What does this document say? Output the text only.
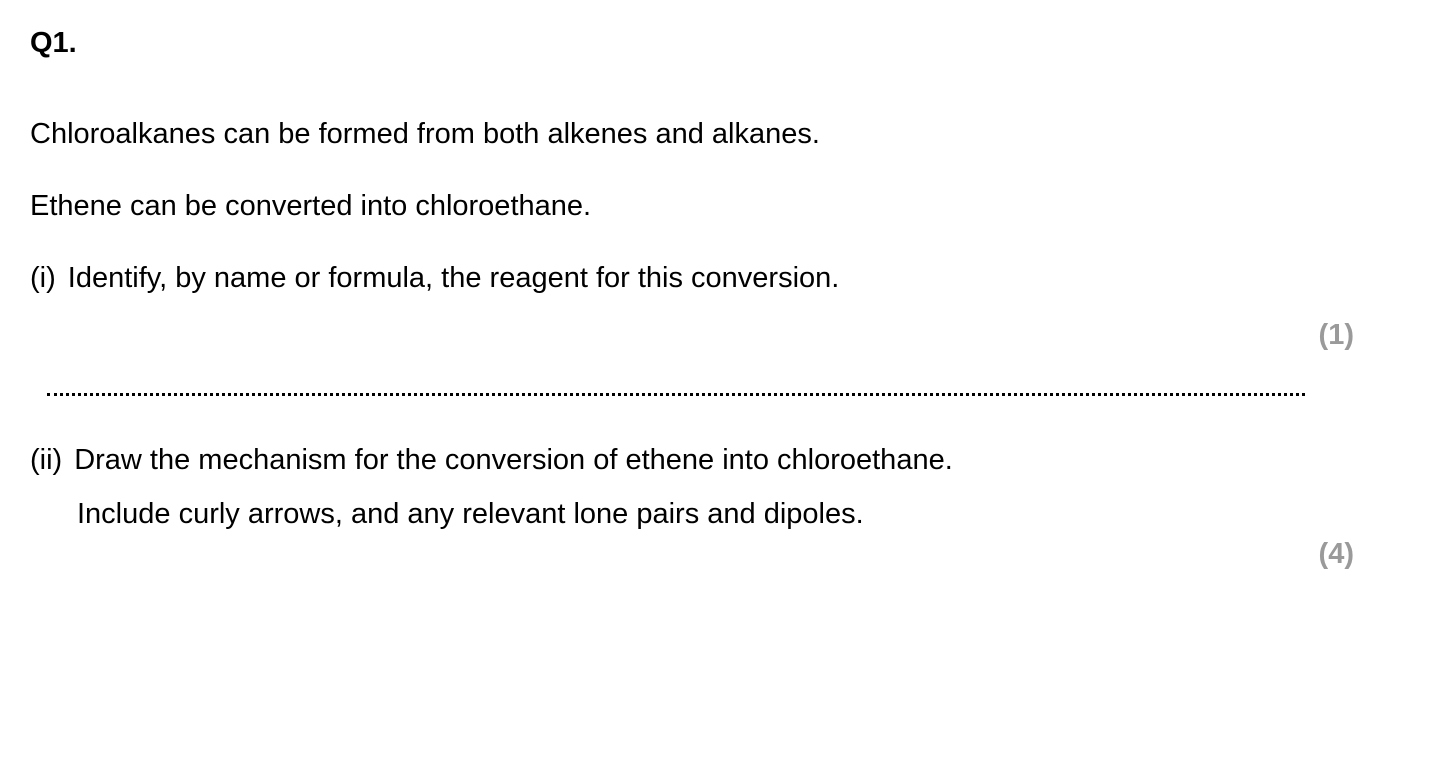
Q1.
Chloroalkanes can be formed from both alkenes and alkanes.
Ethene can be converted into chloroethane.
(i) Identify, by name or formula, the reagent for this conversion.
(1)
(ii) Draw the mechanism for the conversion of ethene into chloroethane.
Include curly arrows, and any relevant lone pairs and dipoles.
(4)
